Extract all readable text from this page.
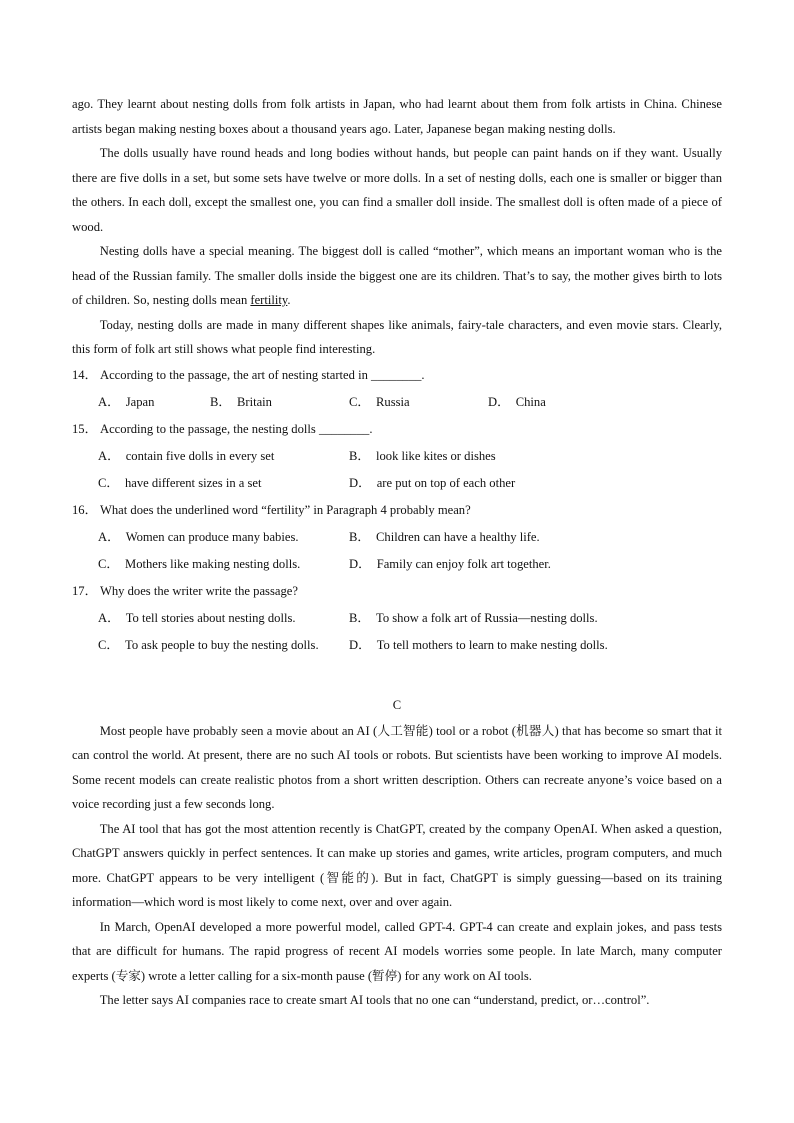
ago. They learnt about nesting dolls from folk artists in Japan, who had learnt about them from folk artists in China. Chinese artists began making nesting boxes about a thousand years ago. Later, Japanese began making nesting dolls.

The dolls usually have round heads and long bodies without hands, but people can paint hands on if they want. Usually there are five dolls in a set, but some sets have twelve or more dolls. In a set of nesting dolls, each one is smaller or bigger than the others. In each doll, except the smallest one, you can find a smaller doll inside. The smallest doll is often made of a piece of wood.

Nesting dolls have a special meaning. The biggest doll is called “mother”, which means an important woman who is the head of the Russian family. The smaller dolls inside the biggest one are its children. That’s to say, the mother gives birth to lots of children. So, nesting dolls mean fertility.

Today, nesting dolls are made in many different shapes like animals, fairy-tale characters, and even movie stars. Clearly, this form of folk art still shows what people find interesting.

14． According to the passage, the art of nesting started in ________.

A． Japan	B． Britain	C． Russia	D． China

15． According to the passage, the nesting dolls ________.

A． contain five dolls in every set	B． look like kites or dishes
C． have different sizes in a set	D． are put on top of each other

16． What does the underlined word “fertility” in Paragraph 4 probably mean?

A． Women can produce many babies.	B． Children can have a healthy life.
C． Mothers like making nesting dolls.	D． Family can enjoy folk art together.

17． Why does the writer write the passage?

A． To tell stories about nesting dolls.	B． To show a folk art of Russia—nesting dolls.
C． To ask people to buy the nesting dolls. D． To tell mothers to learn to make nesting dolls.
C

Most people have probably seen a movie about an AI (人工智能) tool or a robot (机器人) that has become so smart that it can control the world. At present, there are no such AI tools or robots. But scientists have been working to improve AI models. Some recent models can create realistic photos from a short written description. Others can recreate anyone’s voice based on a voice recording just a few seconds long.

The AI tool that has got the most attention recently is ChatGPT, created by the company OpenAI. When asked a question, ChatGPT answers quickly in perfect sentences. It can make up stories and games, write articles, program computers, and much more. ChatGPT appears to be very intelligent (智能的). But in fact, ChatGPT is simply guessing—based on its training information—which word is most likely to come next, over and over again.

In March, OpenAI developed a more powerful model, called GPT-4. GPT-4 can create and explain jokes, and pass tests that are difficult for humans. The rapid progress of recent AI models worries some people. In late March, many computer experts (专家) wrote a letter calling for a six-month pause (暂停) for any work on AI tools.

The letter says AI companies race to create smart AI tools that no one can “understand, predict, or…control”.
